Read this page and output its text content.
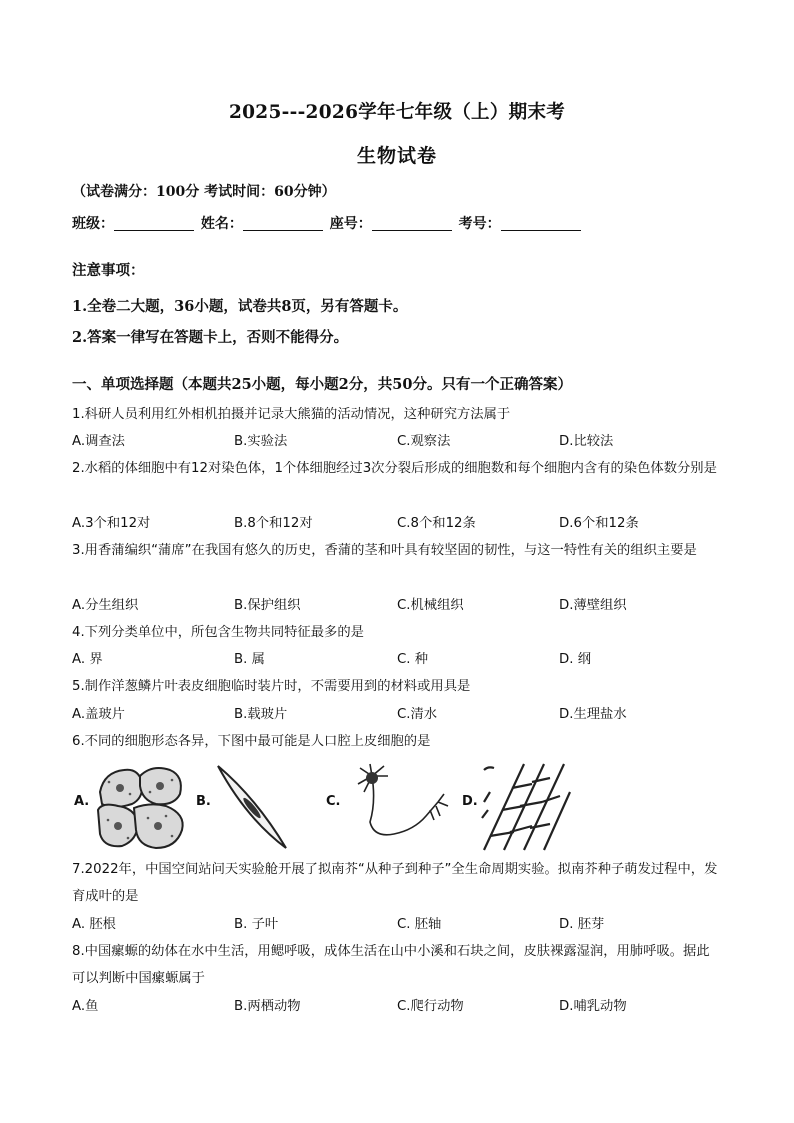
2025---2026学年七年级（上）期末考
生物试卷
（试卷满分：100分 考试时间：60分钟）
班级：	姓名：	座号：	考号：
注意事项：
1.全卷二大题，36小题，试卷共8页，另有答题卡。
2.答案一律写在答题卡上，否则不能得分。
一、单项选择题（本题共25小题，每小题2分，共50分。只有一个正确答案）
1.科研人员利用红外相机拍摄并记录大熊猫的活动情况，这种研究方法属于
A.调查法	B.实验法	C.观察法	D.比较法
2.水稻的体细胞中有12对染色体，1个体细胞经过3次分裂后形成的细胞数和每个细胞内含有的染色体数分别是
A.3个和12对	B.8个和12对	C.8个和12条	D.6个和12条
3.用香蒲编织“蒲席”在我国有悠久的历史，香蒲的茎和叶具有较坚固的韧性，与这一特性有关的组织主要是
A.分生组织	B.保护组织	C.机械组织	D.薄壁组织
4.下列分类单位中，所包含生物共同特征最多的是
A. 界	B. 属	C. 种	D. 纲
5.制作洋葱鳞片叶表皮细胞临时装片时，不需要用到的材料或用具是
A.盖玻片	B.载玻片	C.清水	D.生理盐水
6.不同的细胞形态各异，下图中最可能是人口腔上皮细胞的是
A.	B.	C.	D.
7.2022年，中国空间站问天实验舱开展了拟南芥“从种子到种子”全生命周期实验。拟南芥种子萌发过程中，发育成叶的是
A. 胚根	B. 子叶	C. 胚轴	D. 胚芽
8.中国瘰螈的幼体在水中生活，用鳃呼吸，成体生活在山中小溪和石块之间，皮肤裸露湿润，用肺呼吸。据此可以判断中国瘰螈属于
A.鱼	B.两栖动物	C.爬行动物	D.哺乳动物
